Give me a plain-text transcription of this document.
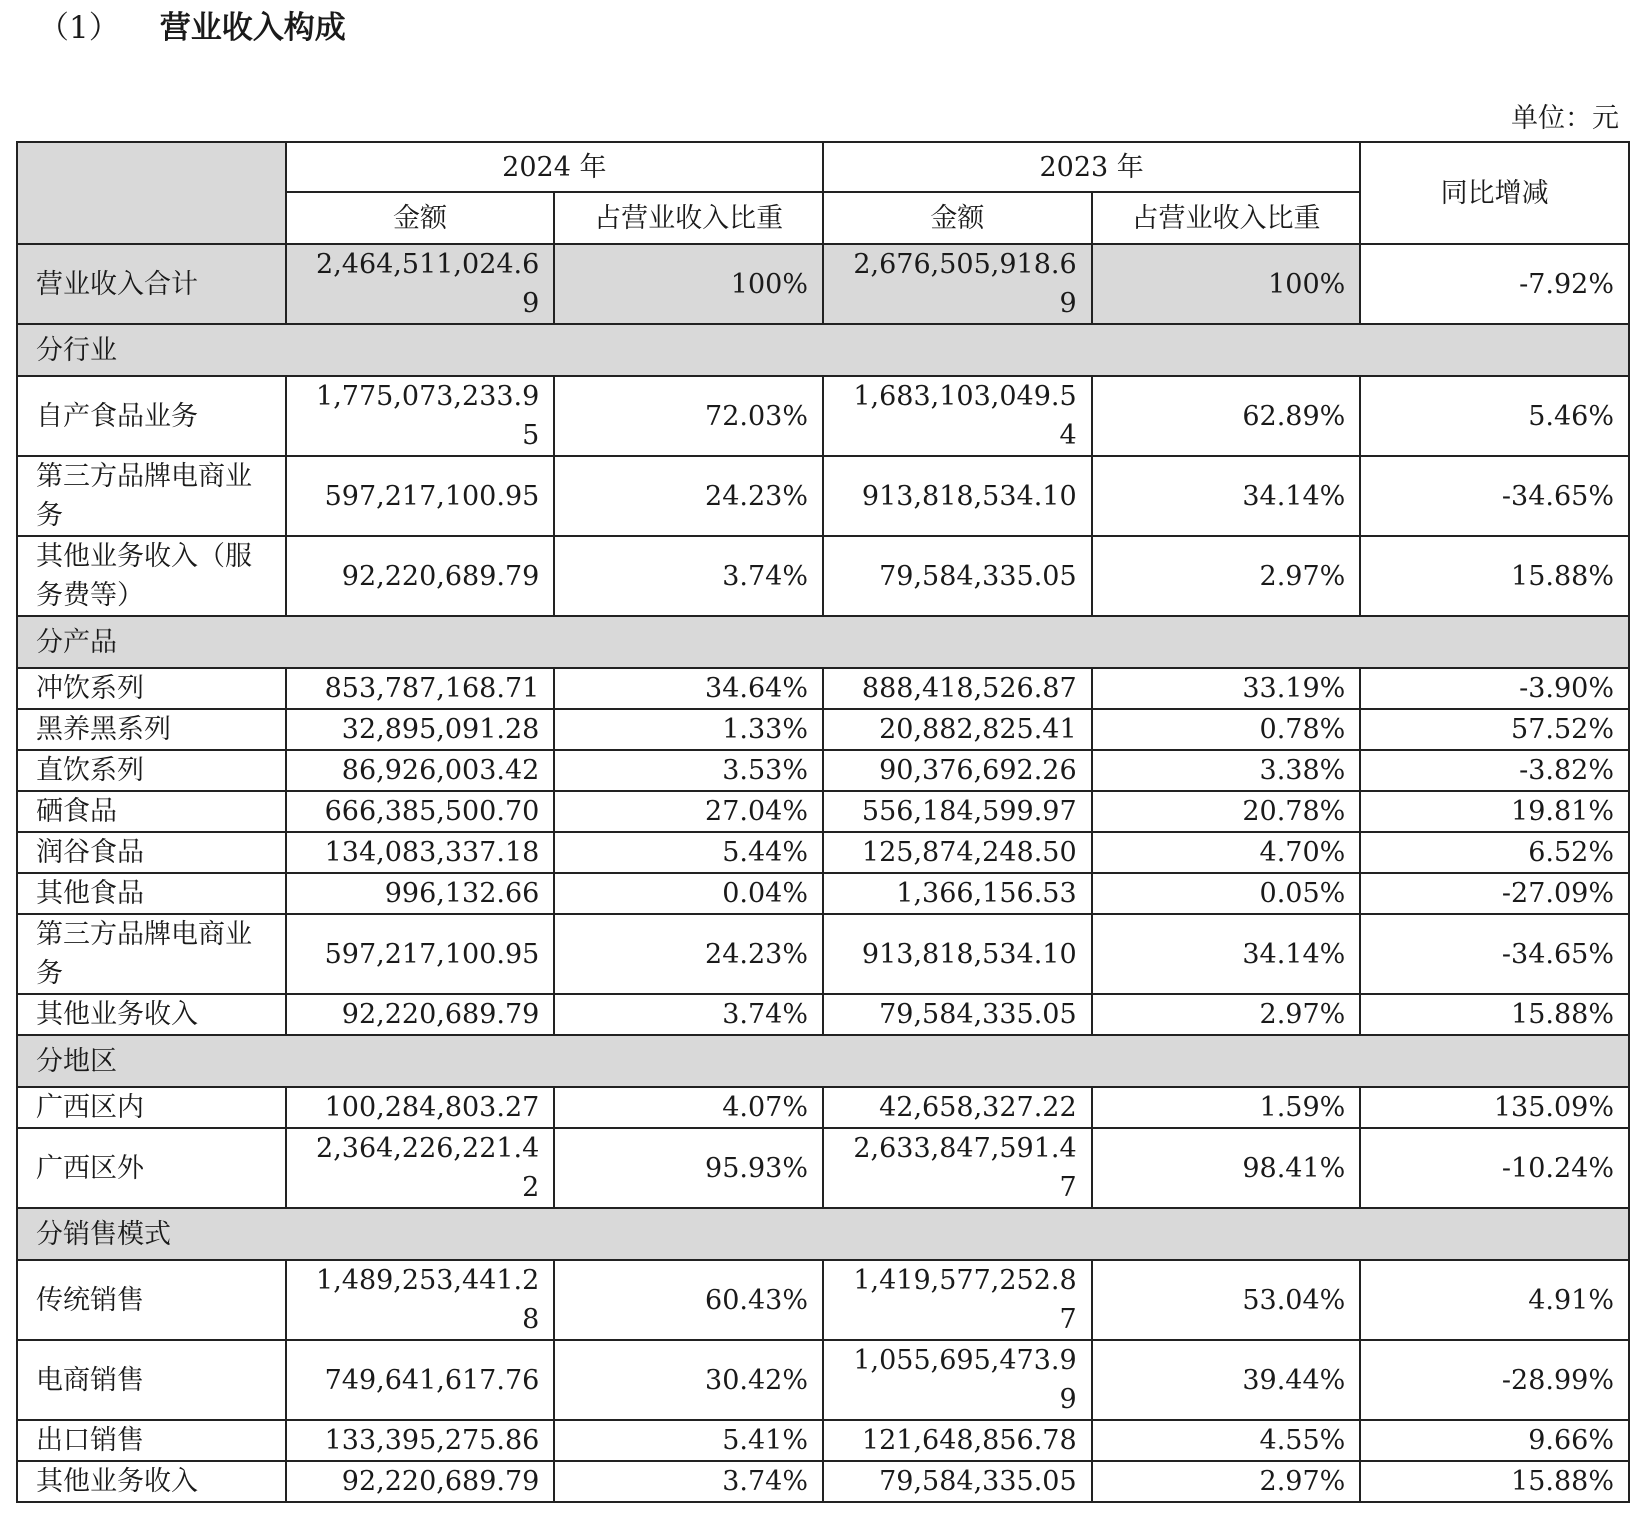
（1） 营业收入构成
单位：元
	2024 年		2023 年		同比增减
	金额	占营业收入比重	金额	占营业收入比重	
营业收入合计	2,464,511,024.69	100%	2,676,505,918.69	100%	-7.92%
分行业					
自产食品业务	1,775,073,233.95	72.03%	1,683,103,049.54	62.89%	5.46%
第三方品牌电商业务	597,217,100.95	24.23%	913,818,534.10	34.14%	-34.65%
其他业务收入（服务费等）	92,220,689.79	3.74%	79,584,335.05	2.97%	15.88%
分产品					
冲饮系列	853,787,168.71	34.64%	888,418,526.87	33.19%	-3.90%
黑养黑系列	32,895,091.28	1.33%	20,882,825.41	0.78%	57.52%
直饮系列	86,926,003.42	3.53%	90,376,692.26	3.38%	-3.82%
硒食品	666,385,500.70	27.04%	556,184,599.97	20.78%	19.81%
润谷食品	134,083,337.18	5.44%	125,874,248.50	4.70%	6.52%
其他食品	996,132.66	0.04%	1,366,156.53	0.05%	-27.09%
第三方品牌电商业务	597,217,100.95	24.23%	913,818,534.10	34.14%	-34.65%
其他业务收入	92,220,689.79	3.74%	79,584,335.05	2.97%	15.88%
分地区					
广西区内	100,284,803.27	4.07%	42,658,327.22	1.59%	135.09%
广西区外	2,364,226,221.42	95.93%	2,633,847,591.47	98.41%	-10.24%
分销售模式					
传统销售	1,489,253,441.28	60.43%	1,419,577,252.87	53.04%	4.91%
电商销售	749,641,617.76	30.42%	1,055,695,473.99	39.44%	-28.99%
出口销售	133,395,275.86	5.41%	121,648,856.78	4.55%	9.66%
其他业务收入	92,220,689.79	3.74%	79,584,335.05	2.97%	15.88%
